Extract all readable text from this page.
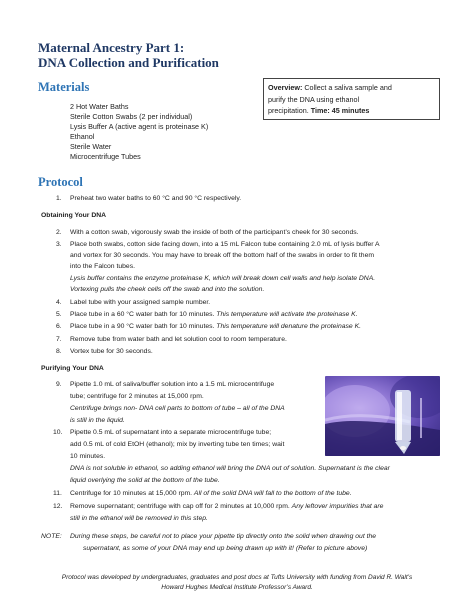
Maternal Ancestry Part 1:
DNA Collection and Purification
Materials	Overview: Collect a saliva sample and
purify the DNA using ethanol
precipitation. Time: 45 minutes
2 Hot Water Baths
Sterile Cotton Swabs (2 per individual)
Lysis Buffer A (active agent is proteinase K)
Ethanol
Sterile Water
Microcentrifuge Tubes
Protocol
1. Preheat two water baths to 60 °C and 90 °C respectively.
Obtaining Your DNA
2. With a cotton swab, vigorously swab the inside of both of the participant’s cheek for 30 seconds.
3. Place both swabs, cotton side facing down, into a 15 mL Falcon tube containing 2.0 mL of lysis buffer A
and vortex for 30 seconds. You may have to break off the bottom half of the swabs in order to fit them
into the Falcon tubes.
Lysis buffer contains the enzyme proteinase K, which will break down cell walls and help isolate DNA.
Vortexing pulls the cheek cells off the swab and into the solution.
4. Label tube with your assigned sample number.
5. Place tube in a 60 °C water bath for 10 minutes. This temperature will activate the proteinase K.
6. Place tube in a 90 °C water bath for 10 minutes. This temperature will denature the proteinase K.
7. Remove tube from water bath and let solution cool to room temperature.
8. Vortex tube for 30 seconds.
Purifying Your DNA
9. Pipette 1.0 mL of saliva/buffer solution into a 1.5 mL microcentrifuge
tube; centrifuge for 2 minutes at 15,000 rpm.
Centrifuge brings non- DNA cell parts to bottom of tube – all of the DNA
is still in the liquid.
10. Pipette 0.5 mL of supernatant into a separate microcentrifuge tube;
add 0.5 mL of cold EtOH (ethanol); mix by inverting tube ten times; wait
10 minutes.
DNA is not soluble in ethanol, so adding ethanol will bring the DNA out of solution. Supernatant is the clear
liquid overlying the solid at the bottom of the tube.
11. Centrifuge for 10 minutes at 15,000 rpm. All of the solid DNA will fall to the bottom of the tube.
12. Remove supernatant; centrifuge with cap off for 2 minutes at 10,000 rpm. Any leftover impurities that are
still in the ethanol will be removed in this step.
NOTE: During these steps, be careful not to place your pipette tip directly onto the solid when drawing out the
supernatant, as some of your DNA may end up being drawn up with it! (Refer to picture above)
Protocol was developed by undergraduates, graduates and post docs at Tufts University with funding from David R. Walt’s
Howard Hughes Medical Institute Professor’s Award.
